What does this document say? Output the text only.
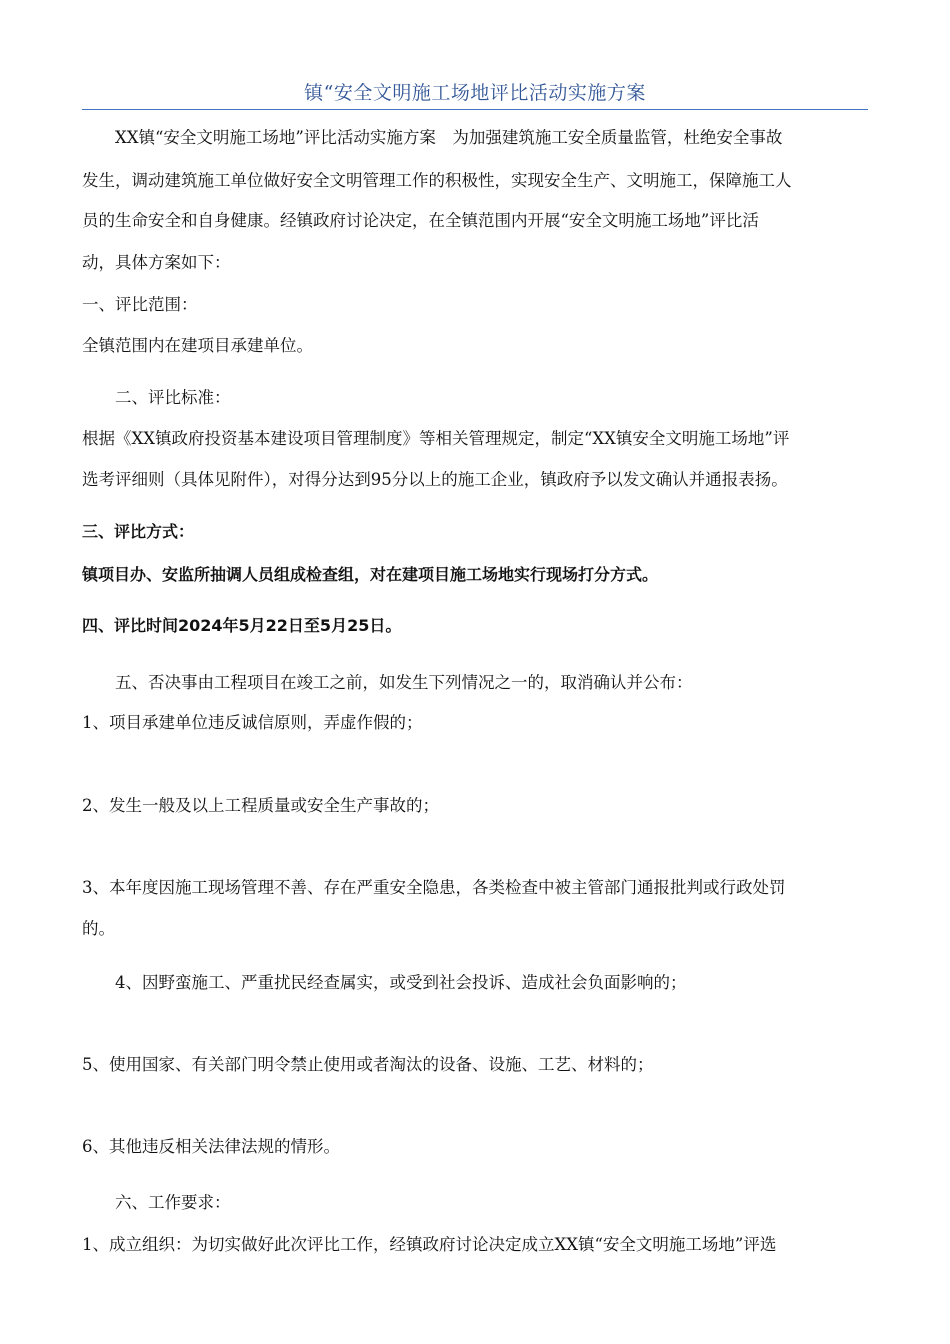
镇“安全文明施工场地评比活动实施方案
XX镇“安全文明施工场地”评比活动实施方案　为加强建筑施工安全质量监管，杜绝安全事故
发生，调动建筑施工单位做好安全文明管理工作的积极性，实现安全生产、文明施工，保障施工人
员的生命安全和自身健康。经镇政府讨论决定，在全镇范围内开展“安全文明施工场地”评比活
动，具体方案如下：
一、评比范围：
全镇范围内在建项目承建单位。
二、评比标准：
根据《XX镇政府投资基本建设项目管理制度》等相关管理规定，制定“XX镇安全文明施工场地”评
选考评细则（具体见附件），对得分达到95分以上的施工企业，镇政府予以发文确认并通报表扬。
三、评比方式：
镇项目办、安监所抽调人员组成检查组，对在建项目施工场地实行现场打分方式。
四、评比时间2024年5月22日至5月25日。
五、否决事由工程项目在竣工之前，如发生下列情况之一的，取消确认并公布：
1、项目承建单位违反诚信原则，弄虚作假的；
2、发生一般及以上工程质量或安全生产事故的；
3、本年度因施工现场管理不善、存在严重安全隐患，各类检查中被主管部门通报批判或行政处罚
的。
4、因野蛮施工、严重扰民经查属实，或受到社会投诉、造成社会负面影响的；
5、使用国家、有关部门明令禁止使用或者淘汰的设备、设施、工艺、材料的；
6、其他违反相关法律法规的情形。
六、工作要求：
1、成立组织：为切实做好此次评比工作，经镇政府讨论决定成立XX镇“安全文明施工场地”评选
